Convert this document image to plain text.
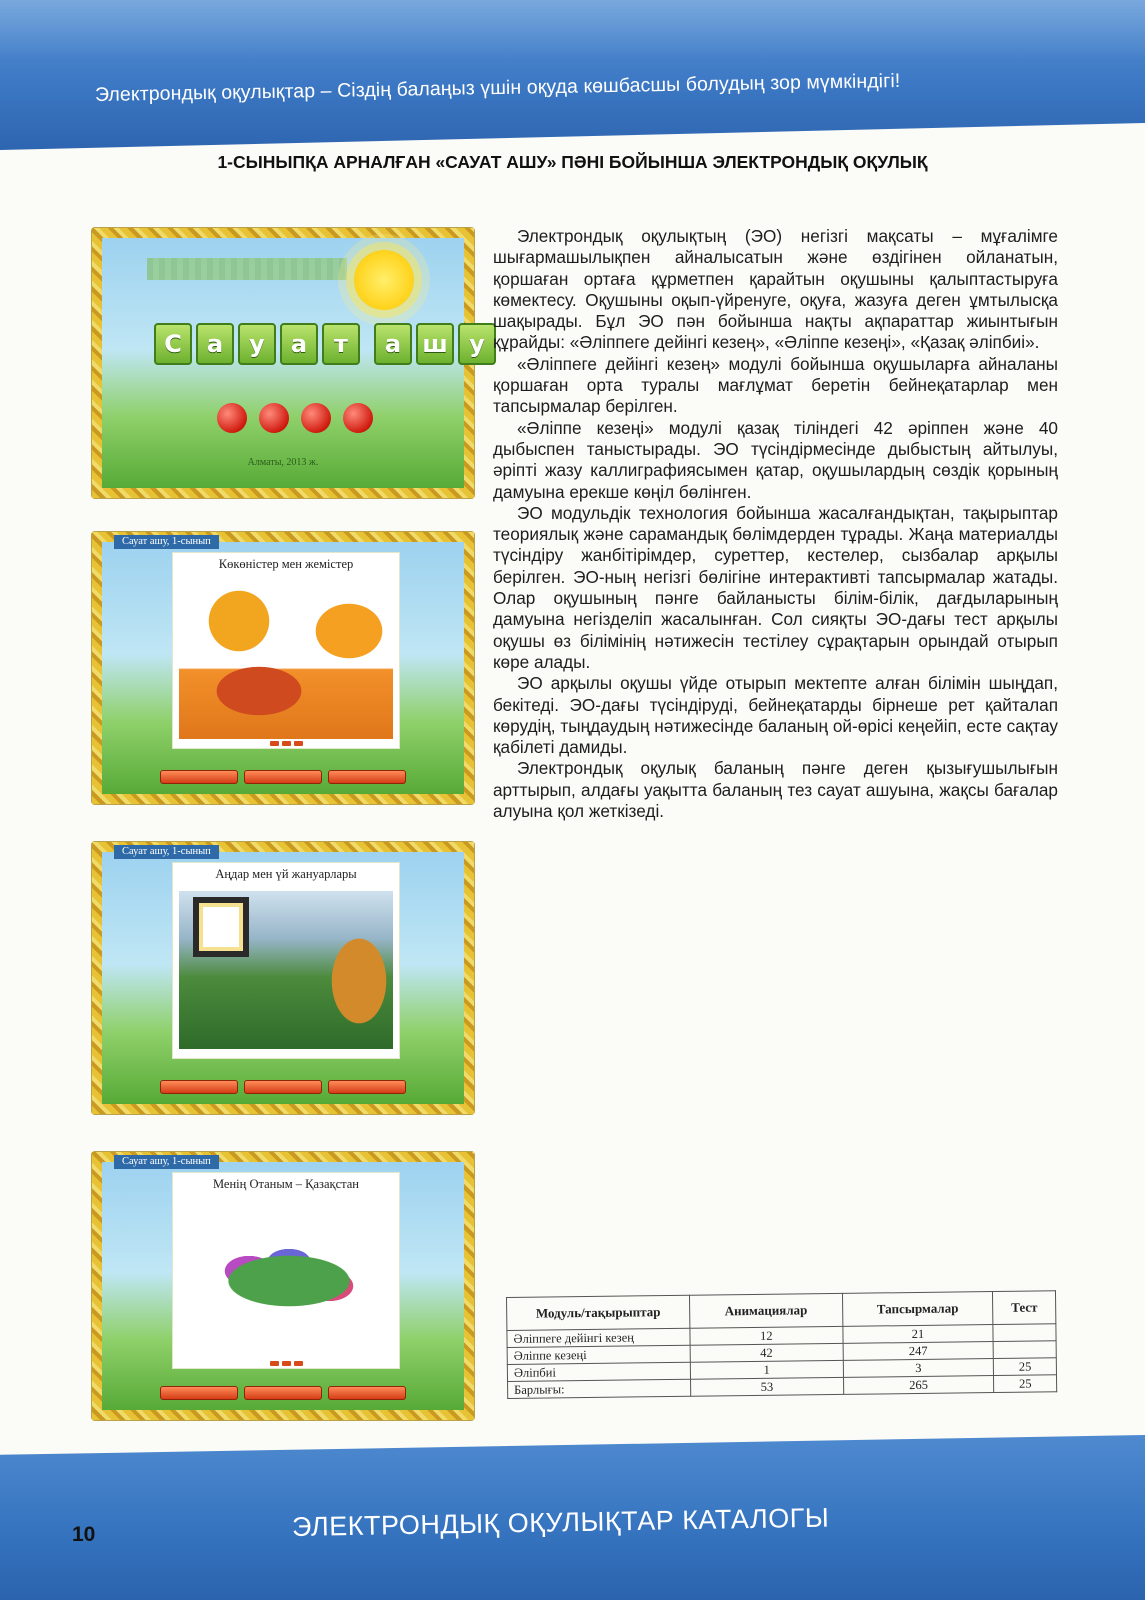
Электрондық оқулықтар – Сіздің балаңыз үшін оқуда көшбасшы болудың зор мүмкіндігі!
1-СЫНЫПҚА АРНАЛҒАН «САУАТ АШУ» ПӘНІ БОЙЫНША ЭЛЕКТРОНДЫҚ ОҚУЛЫҚ
С	а	у	а	т	а ш у
Алматы, 2013 ж.
Сауат ашу, 1-сынып
Көкөністер мен жемістер
Сауат ашу, 1-сынып
Аңдар мен үй жануарлары
Сауат ашу, 1-сынып
Менің Отаным – Қазақстан

Электрондық оқулықтың (ЭО) негізгі мақсаты – мұғалімге шығармашылықпен айналысатын және өздігінен ойланатын, қоршаған ортаға құрметпен қарайтын оқушыны қалыптастыруға көмектесу. Оқушыны оқып-үйренуге, оқуға, жазуға деген ұмтылысқа шақырады. Бұл ЭО пән бойынша нақты ақпараттар жиынтығын құрайды: «Әліппеге дейінгі кезең», «Әліппе кезеңі», «Қазақ әліпбиі».

«Әліппеге дейінгі кезең» модулі бойынша оқушыларға айналаны қоршаған орта туралы мағлұмат беретін бейнеқатарлар мен тапсырмалар берілген.

«Әліппе кезеңі» модулі қазақ тіліндегі 42 әріппен және 40 дыбыспен таныстырады. ЭО түсіндірмесінде дыбыстың айтылуы, әріпті жазу каллиграфиясымен қатар, оқушылардың сөздік қорының дамуына ерекше көңіл бөлінген.

ЭО модульдік технология бойынша жасалғандықтан, тақырыптар теориялық және сарамандық бөлімдерден тұрады. Жаңа материалды түсіндіру жанбітірімдер, суреттер, кестелер, сызбалар арқылы берілген. ЭО-ның негізгі бөлігіне интерактивті тапсырмалар жатады. Олар оқушының пәнге байланысты білім-білік, дағдыларының дамуына негізделіп жасалынған. Сол сияқты ЭО-дағы тест арқылы оқушы өз білімінің нәтижесін тестілеу сұрақтарын орындай отырып көре алады.

ЭО арқылы оқушы үйде отырып мектепте алған білімін шыңдап, бекітеді. ЭО-дағы түсіндіруді, бейнеқатарды бірнеше рет қайталап көрудің, тыңдаудың нәтижесінде баланың ой-өрісі кеңейіп, есте сақтау қабілеті дамиды.

Электрондық оқулық баланың пәнге деген қызығушылығын арттырып, алдағы уақытта баланың тез сауат ашуына, жақсы бағалар алуына қол жеткізеді.

Модуль/тақырыптар	Анимациялар	Тапсырмалар	Тест
Әліппеге дейінгі кезең	12	21	
Әліппе кезеңі	42	247	
Әліпбиі	1	3	25
Барлығы:	53	265	25
10	ЭЛЕКТРОНДЫҚ ОҚУЛЫҚТАР КАТАЛОГЫ
